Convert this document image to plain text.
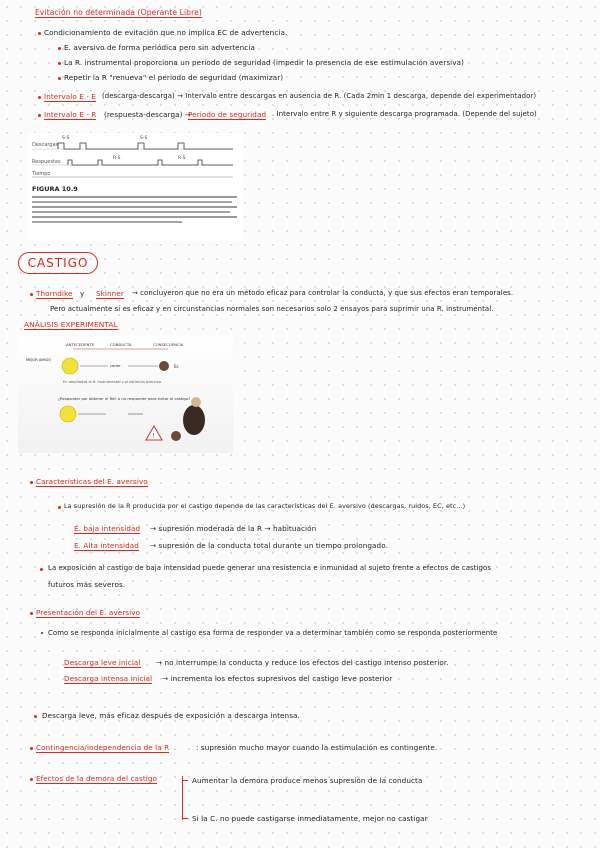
Evitación no determinada (Operante Libre)
Condicionamiento de evitación que no implica EC de advertencia.
E. aversivo de forma periódica pero sin advertencia
La R. instrumental proporciona un periodo de seguridad (impedir la presencia de ese estimulación aversiva)
Repetir la R "renueva" el periodo de seguridad (maximizar)
Intervalo E - E (descarga-descarga) → Intervalo entre descargas en ausencia de R. (Cada 2min 1 descarga, depende del experimentador)
Intervalo E - R (respuesta-descarga) →
Periodo de seguridad . Intervalo entre R y siguiente descarga programada. (Depende del sujeto)
Descargas
S-S	S-S
Respuestas
R-S	R-S
Tiempo
FIGURA 10.9
CASTIGO
Thorndike y Skinner → concluyeron que no era un método eficaz para controlar la conducta, y que sus efectos eran temporales.
Pero actualmente sí es eficaz y en circunstancias normales son necesarios solo 2 ensayos para suprimir una R. instrumental.
ANÁLISIS EXPERIMENTAL
ANTECEDENTE	CONDUCTA	CONSECUENCIA
MEJOR AMIGO
correr	Ec
En resultados la R. instrumental y el estímulo aversivo
¿Responder por obtener el Ref. o no responder para evitar el castigo?
!
Características del E. aversivo
La supresión de la R producida por el castigo depende de las características del E. aversivo (descargas, ruidos, EC, etc...)
E. baja intensidad → supresión moderada de la R → habituación
E. Alta intensidad → supresión de la conducta total durante un tiempo prolongado.
La exposición al castigo de baja intensidad puede generar una resistencia e inmunidad al sujeto frente a efectos de castigos
futuros más severos.
Presentación del E. aversivo
Como se responda inicialmente al castigo esa forma de responder va a determinar también como se responda posteriormente
Descarga leve inicial → no interrumpe la conducta y reduce los efectos del castigo intenso posterior.
Descarga intensa inicial → incrementa los efectos supresivos del castigo leve posterior
Descarga leve, más eficaz después de exposición a descarga intensa.
Contingencia/independencia de la R	: supresión mucho mayor cuando la estimulación es contingente.
Efectos de la demora del castigo	Aumentar la demora produce menos supresión de la conducta
Si la C. no puede castigarse inmediatamente, mejor no castigar
